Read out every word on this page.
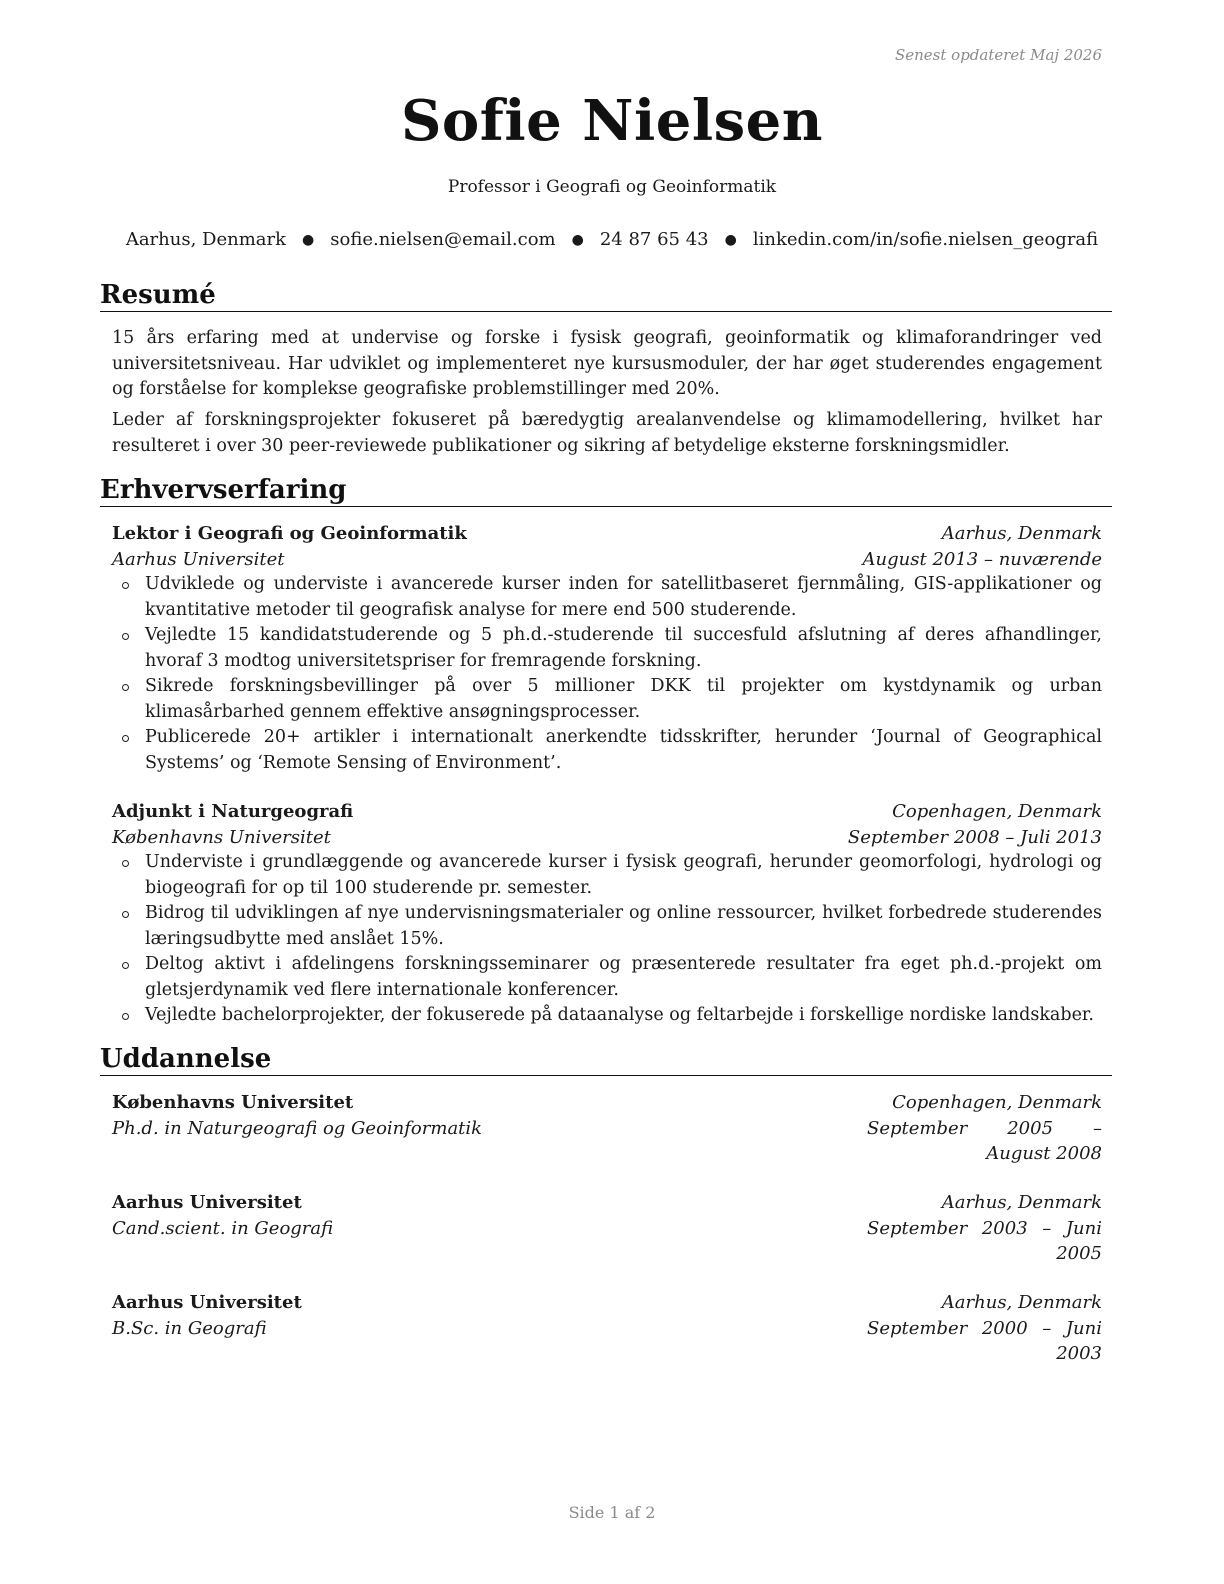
Senest opdateret Maj 2026
Sofie Nielsen
Professor i Geografi og Geoinformatik
Aarhus, Denmark ● sofie.nielsen@email.com ● 24 87 65 43 ● linkedin.com/in/sofie.nielsen_geografi
Resumé
15 års erfaring med at undervise og forske i fysisk geografi, geoinformatik og klimaforandringer ved universitetsniveau. Har udviklet og implementeret nye kursusmoduler, der har øget studerendes engagement og forståelse for komplekse geografiske problemstillinger med 20%.
Leder af forskningsprojekter fokuseret på bæredygtig arealanvendelse og klimamodellering, hvilket har resulteret i over 30 peer-reviewede publikationer og sikring af betydelige eksterne forskningsmidler.
Erhvervserfaring
Lektor i Geografi og Geoinformatik	Aarhus, Denmark
Aarhus Universitet	August 2013 – nuværende
Udviklede og underviste i avancerede kurser inden for satellitbaseret fjernmåling, GIS-applikationer og kvantitative metoder til geografisk analyse for mere end 500 studerende.
Vejledte 15 kandidatstuderende og 5 ph.d.-studerende til succesfuld afslutning af deres afhandlinger, hvoraf 3 modtog universitetspriser for fremragende forskning.
Sikrede forskningsbevillinger på over 5 millioner DKK til projekter om kystdynamik og urban klimasårbarhed gennem effektive ansøgningsprocesser.
Publicerede 20+ artikler i internationalt anerkendte tidsskrifter, herunder ‘Journal of Geographical Systems’ og ‘Remote Sensing of Environment’.
Adjunkt i Naturgeografi	Copenhagen, Denmark
Københavns Universitet	September 2008 – Juli 2013
Underviste i grundlæggende og avancerede kurser i fysisk geografi, herunder geomorfologi, hydrologi og biogeografi for op til 100 studerende pr. semester.
Bidrog til udviklingen af nye undervisningsmaterialer og online ressourcer, hvilket forbedrede studerendes læringsudbytte med anslået 15%.
Deltog aktivt i afdelingens forskningsseminarer og præsenterede resultater fra eget ph.d.-projekt om gletsjerdynamik ved flere internationale konferencer.
Vejledte bachelorprojekter, der fokuserede på dataanalyse og feltarbejde i forskellige nordiske landskaber.
Uddannelse
Københavns Universitet	Copenhagen, Denmark
Ph.d. in Naturgeografi og Geoinformatik	September 2005 – August 2008
Aarhus Universitet	Aarhus, Denmark
Cand.scient. in Geografi	September 2003 – Juni 2005
Aarhus Universitet	Aarhus, Denmark
B.Sc. in Geografi	September 2000 – Juni 2003
Side 1 af 2
